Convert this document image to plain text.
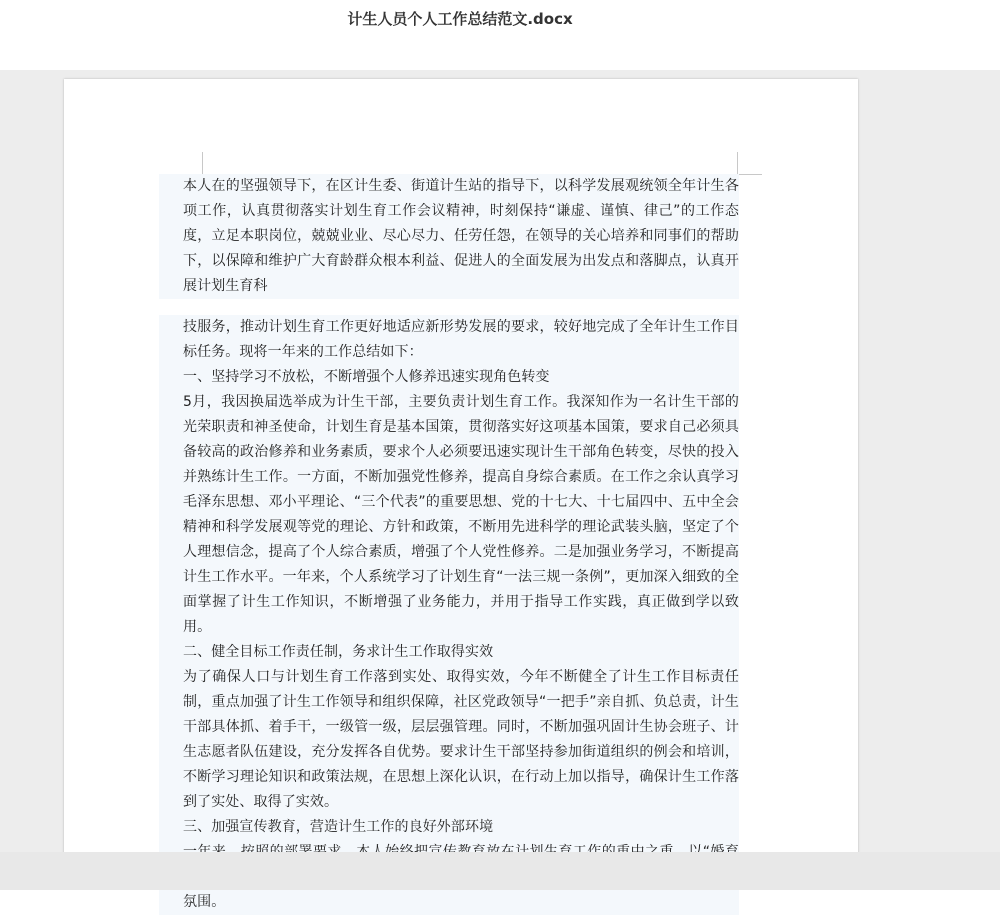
计生人员个人工作总结范文.docx

本人在的坚强领导下，在区计生委、街道计生站的指导下，以科学发展观统领全年计生各项工作，认真贯彻落实计划生育工作会议精神，时刻保持“谦虚、谨慎、律己”的工作态度，立足本职岗位，兢兢业业、尽心尽力、任劳任怨，在领导的关心培养和同事们的帮助下，以保障和维护广大育龄群众根本利益、促进人的全面发展为出发点和落脚点，认真开展计划生育科

技服务，推动计划生育工作更好地适应新形势发展的要求，较好地完成了全年计生工作目标任务。现将一年来的工作总结如下：

一、坚持学习不放松，不断增强个人修养迅速实现角色转变

5月，我因换届选举成为计生干部，主要负责计划生育工作。我深知作为一名计生干部的光荣职责和神圣使命，计划生育是基本国策，贯彻落实好这项基本国策，要求自己必须具备较高的政治修养和业务素质，要求个人必须要迅速实现计生干部角色转变，尽快的投入并熟练计生工作。一方面，不断加强党性修养，提高自身综合素质。在工作之余认真学习毛泽东思想、邓小平理论、“三个代表”的重要思想、党的十七大、十七届四中、五中全会精神和科学发展观等党的理论、方针和政策，不断用先进科学的理论武装头脑，坚定了个人理想信念，提高了个人综合素质，增强了个人党性修养。二是加强业务学习，不断提高计生工作水平。一年来，个人系统学习了计划生育“一法三规一条例”，更加深入细致的全面掌握了计生工作知识，不断增强了业务能力，并用于指导工作实践，真正做到学以致用。

二、健全目标工作责任制，务求计生工作取得实效

为了确保人口与计划生育工作落到实处、取得实效，今年不断健全了计生工作目标责任制，重点加强了计生工作领导和组织保障，社区党政领导“一把手”亲自抓、负总责，计生干部具体抓、着手干，一级管一级，层层强管理。同时，不断加强巩固计生协会班子、计生志愿者队伍建设，充分发挥各自优势。要求计生干部坚持参加街道组织的例会和培训，不断学习理论知识和政策法规，在思想上深化认识，在行动上加以指导，确保计生工作落到了实处、取得了实效。

三、加强宣传教育，营造计生工作的良好外部环境

氛围。
